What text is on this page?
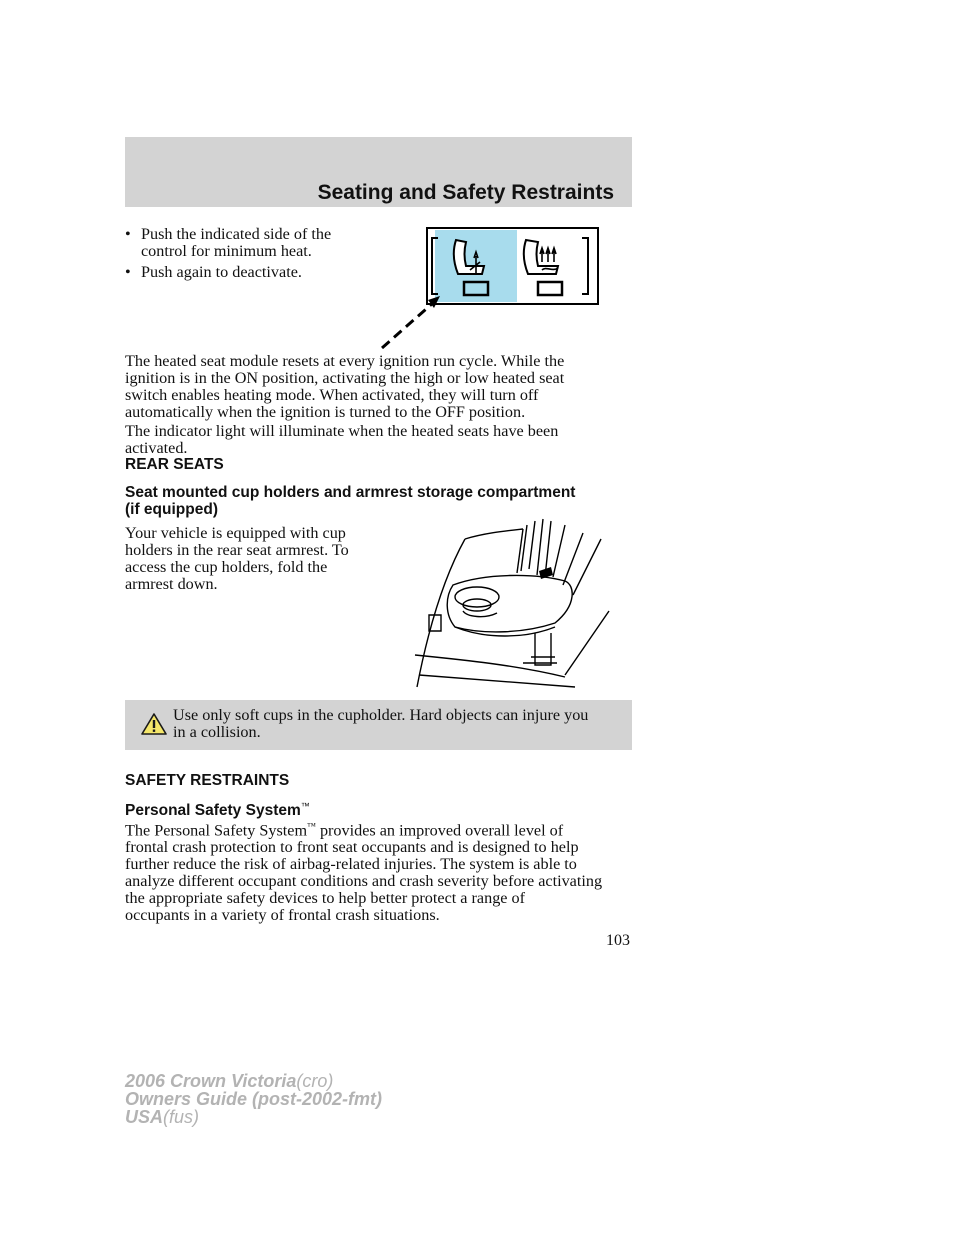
Seating and Safety Restraints
• Push the indicated side of the
control for minimum heat.
• Push again to deactivate.
The heated seat module resets at every ignition run cycle. While the
ignition is in the ON position, activating the high or low heated seat
switch enables heating mode. When activated, they will turn off
automatically when the ignition is turned to the OFF position.
The indicator light will illuminate when the heated seats have been
activated.
REAR SEATS
Seat mounted cup holders and armrest storage compartment
(if equipped)
Your vehicle is equipped with cup
holders in the rear seat armrest. To
access the cup holders, fold the
armrest down.
Use only soft cups in the cupholder. Hard objects can injure you
in a collision.
SAFETY RESTRAINTS
Personal Safety System™
The Personal Safety System™ provides an improved overall level of
frontal crash protection to front seat occupants and is designed to help
further reduce the risk of airbag-related injuries. The system is able to
analyze different occupant conditions and crash severity before activating
the appropriate safety devices to help better protect a range of
occupants in a variety of frontal crash situations.
103
2006 Crown Victoria(cro)
Owners Guide (post-2002-fmt)
USA(fus)
